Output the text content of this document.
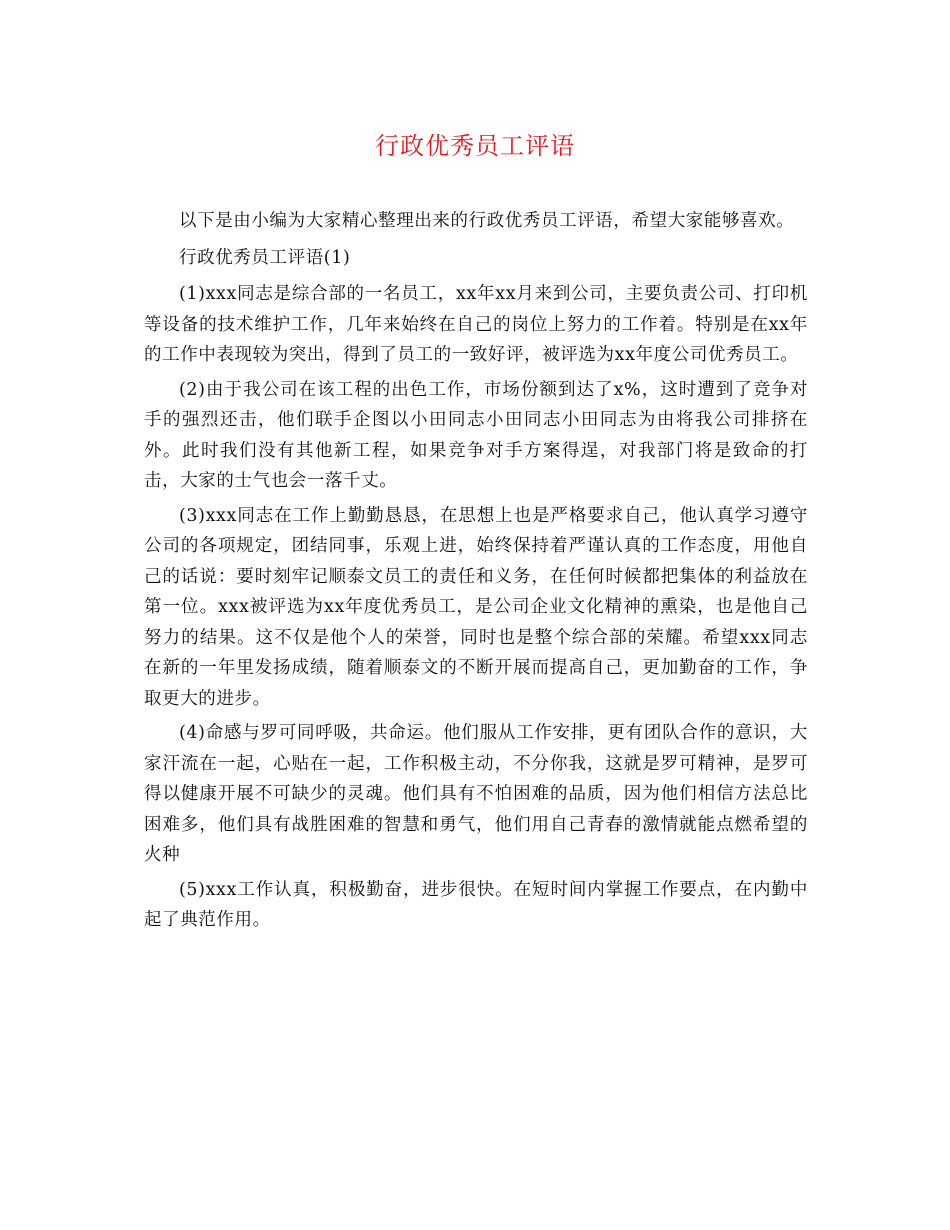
行政优秀员工评语

以下是由小编为大家精心整理出来的行政优秀员工评语，希望大家能够喜欢。

行政优秀员工评语(1)

(1)xxx同志是综合部的一名员工，xx年xx月来到公司，主要负责公司、打印机等设备的技术维护工作，几年来始终在自己的岗位上努力的工作着。特别是在xx年的工作中表现较为突出，得到了员工的一致好评，被评选为xx年度公司优秀员工。

(2)由于我公司在该工程的出色工作，市场份额到达了x%，这时遭到了竞争对手的强烈还击，他们联手企图以小田同志小田同志小田同志为由将我公司排挤在外。此时我们没有其他新工程，如果竞争对手方案得逞，对我部门将是致命的打击，大家的士气也会一落千丈。

(3)xxx同志在工作上勤勤恳恳，在思想上也是严格要求自己，他认真学习遵守公司的各项规定，团结同事，乐观上进，始终保持着严谨认真的工作态度，用他自己的话说：要时刻牢记顺泰文员工的责任和义务，在任何时候都把集体的利益放在第一位。xxx被评选为xx年度优秀员工，是公司企业文化精神的熏染，也是他自己努力的结果。这不仅是他个人的荣誉，同时也是整个综合部的荣耀。希望xxx同志在新的一年里发扬成绩，随着顺泰文的不断开展而提高自己，更加勤奋的工作，争取更大的进步。

(4)命感与罗可同呼吸，共命运。他们服从工作安排，更有团队合作的意识，大家汗流在一起，心贴在一起，工作积极主动，不分你我，这就是罗可精神，是罗可得以健康开展不可缺少的灵魂。他们具有不怕困难的品质，因为他们相信方法总比困难多，他们具有战胜困难的智慧和勇气，他们用自己青春的激情就能点燃希望的火种

(5)xxx工作认真，积极勤奋，进步很快。在短时间内掌握工作要点，在内勤中 起了典范作用。
